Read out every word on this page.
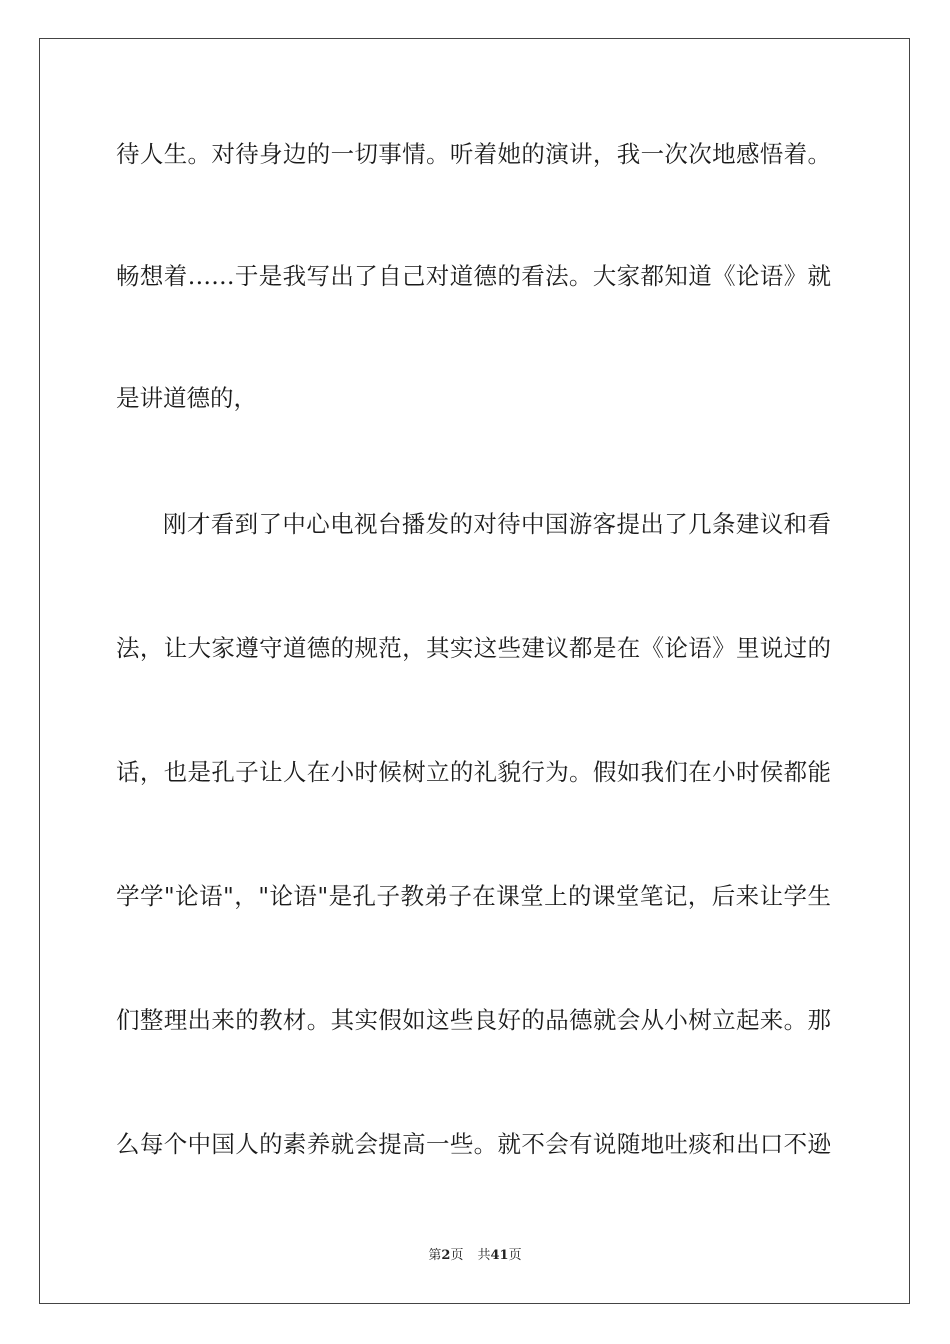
待人生。对待身边的一切事情。听着她的演讲，我一次次地感悟着。
畅想着……于是我写出了自己对道德的看法。大家都知道《论语》就
是讲道德的，
刚才看到了中心电视台播发的对待中国游客提出了几条建议和看
法，让大家遵守道德的规范，其实这些建议都是在《论语》里说过的
话，也是孔子让人在小时候树立的礼貌行为。假如我们在小时侯都能
学学"论语"，"论语"是孔子教弟子在课堂上的课堂笔记，后来让学生
们整理出来的教材。其实假如这些良好的品德就会从小树立起来。那
么每个中国人的素养就会提高一些。就不会有说随地吐痰和出口不逊
第2页 共41页
